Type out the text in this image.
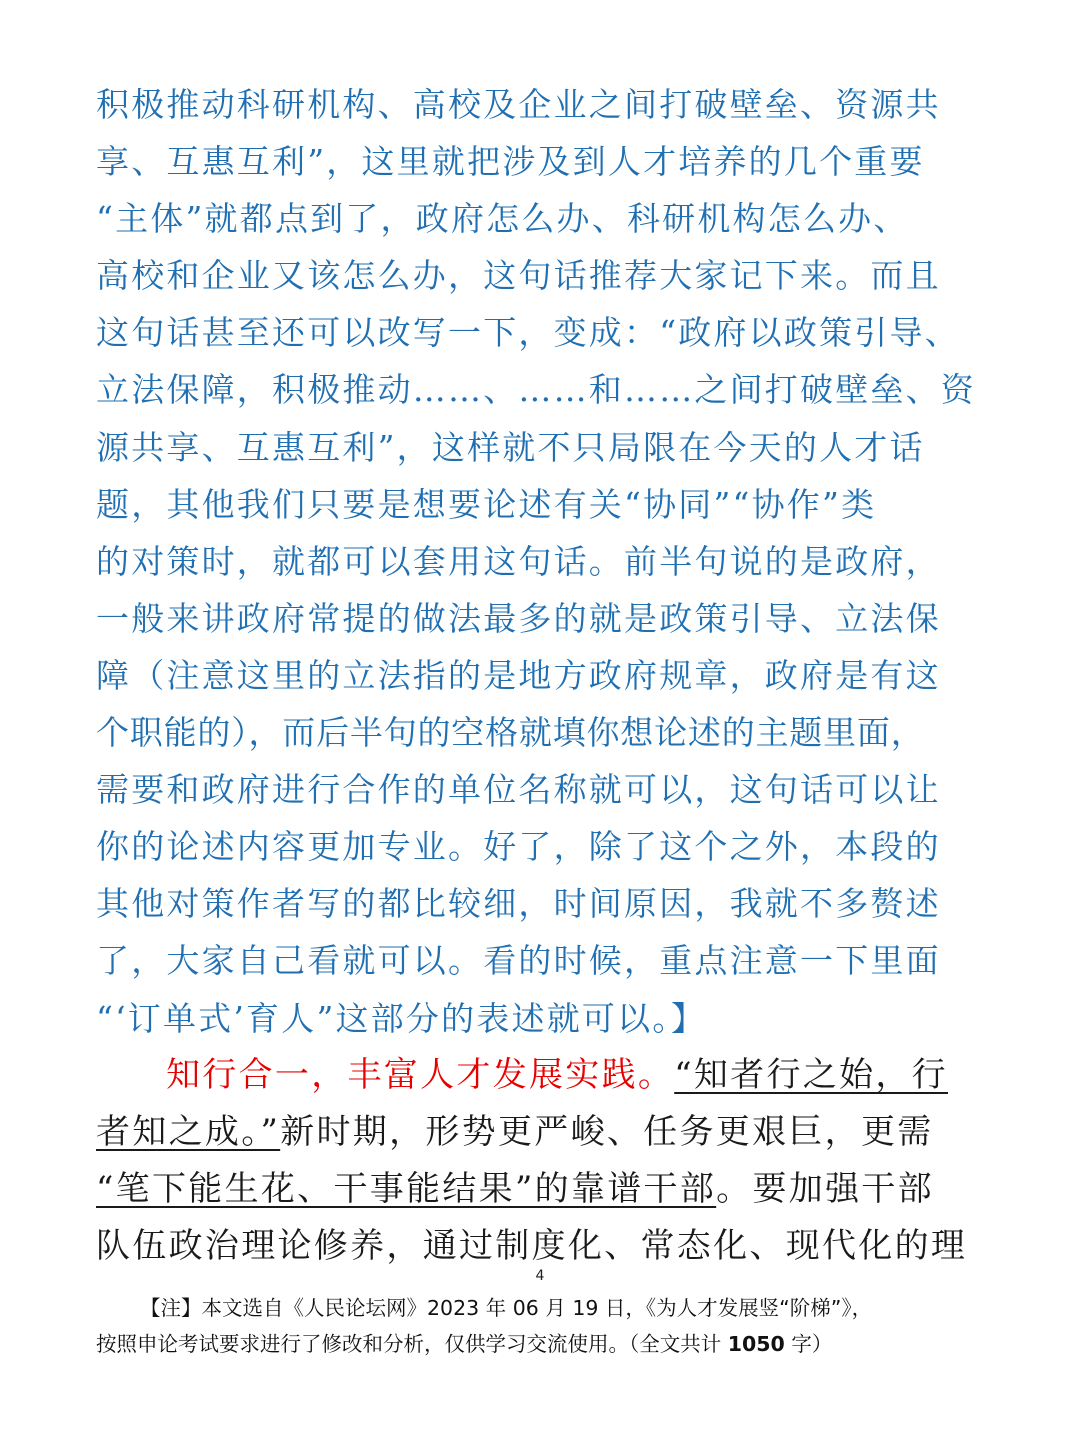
积极推动科研机构、高校及企业之间打破壁垒、资源共
享、互惠互利”，这里就把涉及到人才培养的几个重要
“主体”就都点到了，政府怎么办、科研机构怎么办、
高校和企业又该怎么办，这句话推荐大家记下来。而且
这句话甚至还可以改写一下，变成：“政府以政策引导、
立法保障，积极推动……、……和……之间打破壁垒、资
源共享、互惠互利”，这样就不只局限在今天的人才话
题，其他我们只要是想要论述有关“协同”“协作”类
的对策时，就都可以套用这句话。前半句说的是政府，
一般来讲政府常提的做法最多的就是政策引导、立法保
障（注意这里的立法指的是地方政府规章，政府是有这
个职能的），而后半句的空格就填你想论述的主题里面，
需要和政府进行合作的单位名称就可以，这句话可以让
你的论述内容更加专业。好了，除了这个之外，本段的
其他对策作者写的都比较细，时间原因，我就不多赘述
了，大家自己看就可以。看的时候，重点注意一下里面
“‘订单式’育人”这部分的表述就可以。】
知行合一，丰富人才发展实践。“知者行之始，行
者知之成。”新时期，形势更严峻、任务更艰巨，更需
“笔下能生花、干事能结果”的靠谱干部。要加强干部
队伍政治理论修养，通过制度化、常态化、现代化的理
4
【注】本文选自《人民论坛网》2023 年 06 月 19 日，《为人才发展竖“阶梯”》，
按照申论考试要求进行了修改和分析，仅供学习交流使用。（全文共计 1050 字）
